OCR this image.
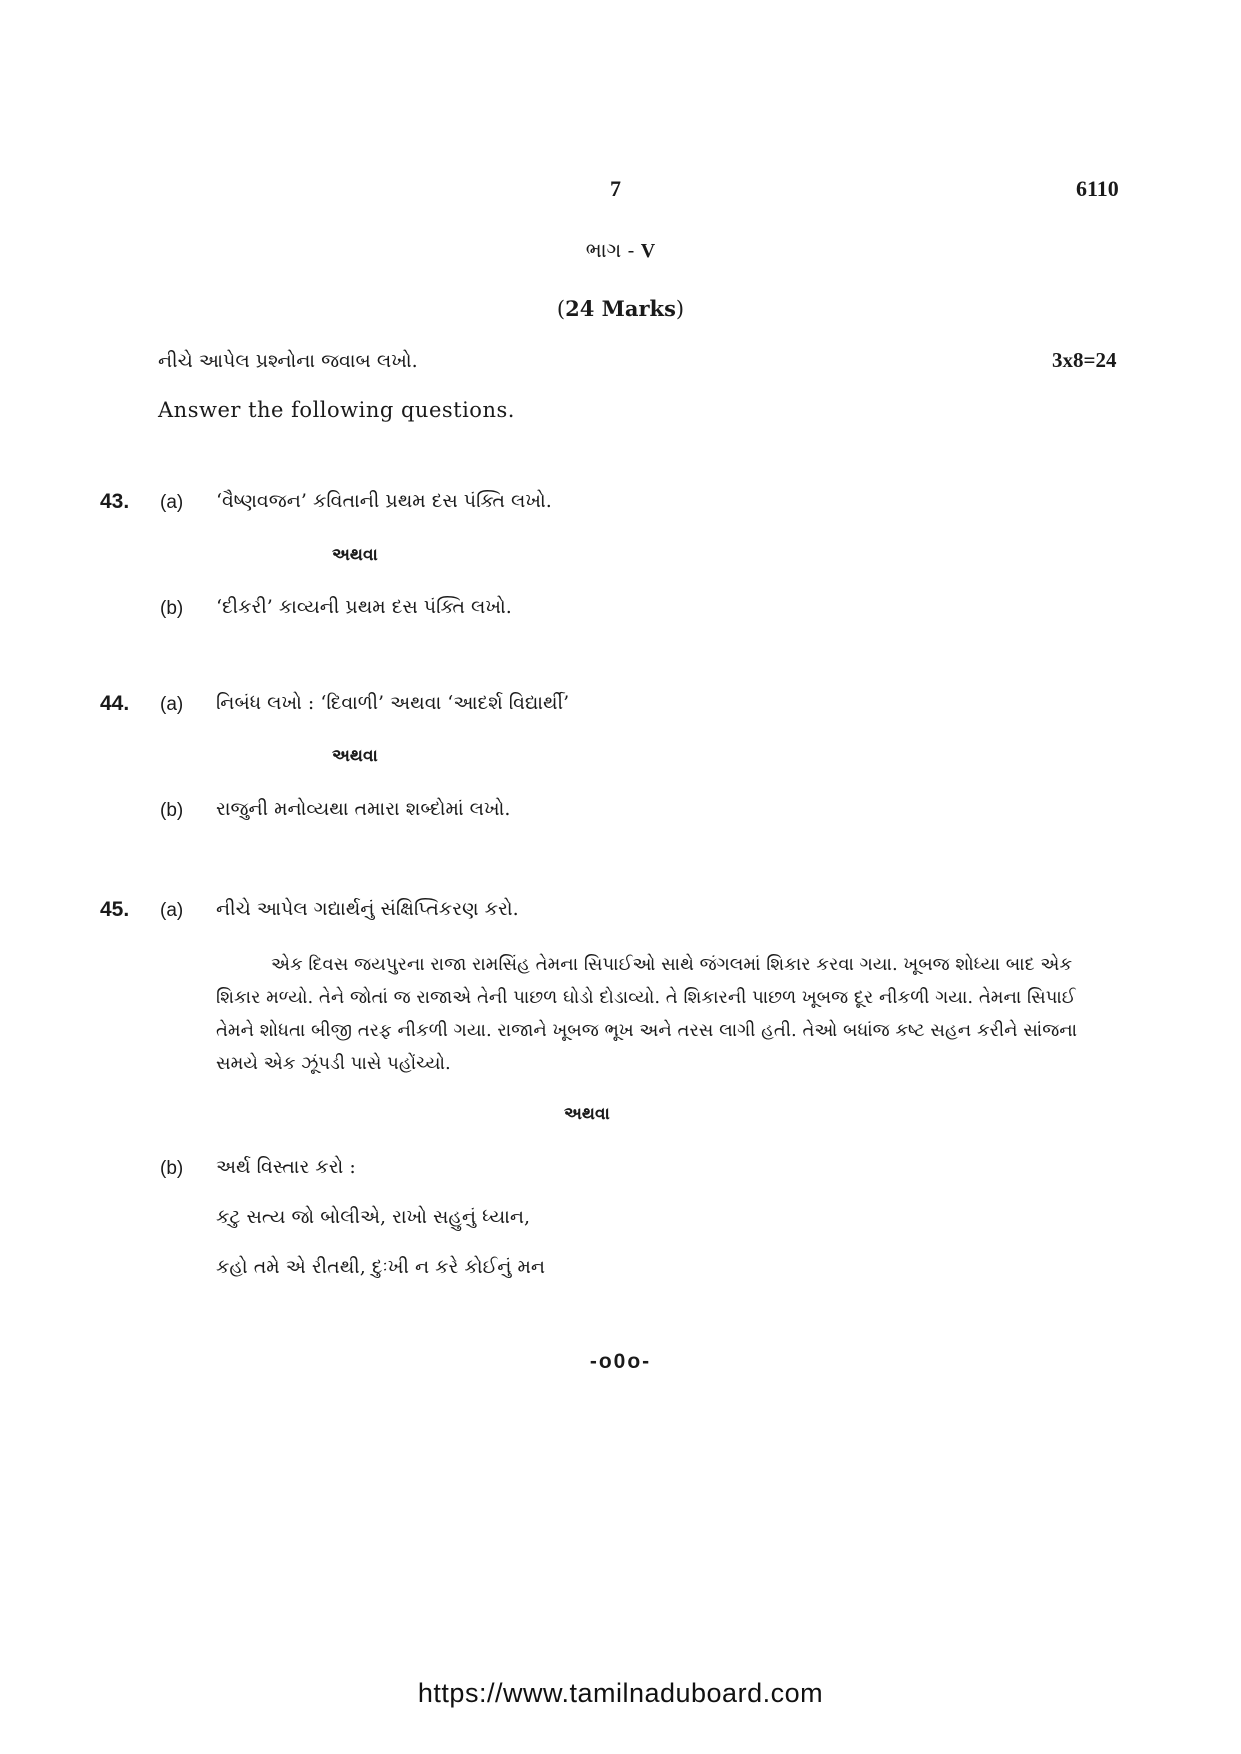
7	6110
ભાગ - V
(24 Marks)
નીચે આપેલ પ્રશ્નોના જવાબ લખો.	3x8=24
Answer the following questions.
43. (a) ‘વૈષ્ણવજન’ કવિતાની પ્રથમ દસ પંક્તિ લખો.
અથવા
(b) ‘દીકરી’ કાવ્યની પ્રથમ દસ પંક્તિ લખો.
44. (a) નિબંધ લખો : ‘દિવાળી’ અથવા ‘આદર્શ વિદ્યાર્થી’
અથવા
(b) રાજુની મનોવ્યથા તમારા શબ્દોમાં લખો.
45. (a) નીચે આપેલ ગદ્યાર્થનું સંક્ષિપ્તિકરણ કરો.
એક દિવસ જયપુરના રાજા રામસિંહ તેમના સિપાઈઓ સાથે જંગલમાં શિકાર કરવા ગયા. ખૂબજ શોધ્યા બાદ એક શિકાર મળ્યો. તેને જોતાં જ રાજાએ તેની પાછળ ઘોડો દોડાવ્યો. તે શિકારની પાછળ ખૂબજ દૂર નીકળી ગયા. તેમના સિપાઈ તેમને શોધતા બીજી તરફ નીકળી ગયા. રાજાને ખૂબજ ભૂખ અને તરસ લાગી હતી. તેઓ બધાંજ કષ્ટ સહન કરીને સાંજના સમયે એક ઝૂંપડી પાસે પહોંચ્યો.
અથવા
(b) અર્થ વિસ્તાર કરો :
કટુ સત્ય જો બોલીએ, રાખો સહુનું ધ્યાન,
કહો તમે એ રીતથી, દુઃખી ન કરે કોઈનું મન
-o0o-
https://www.tamilnaduboard.com
